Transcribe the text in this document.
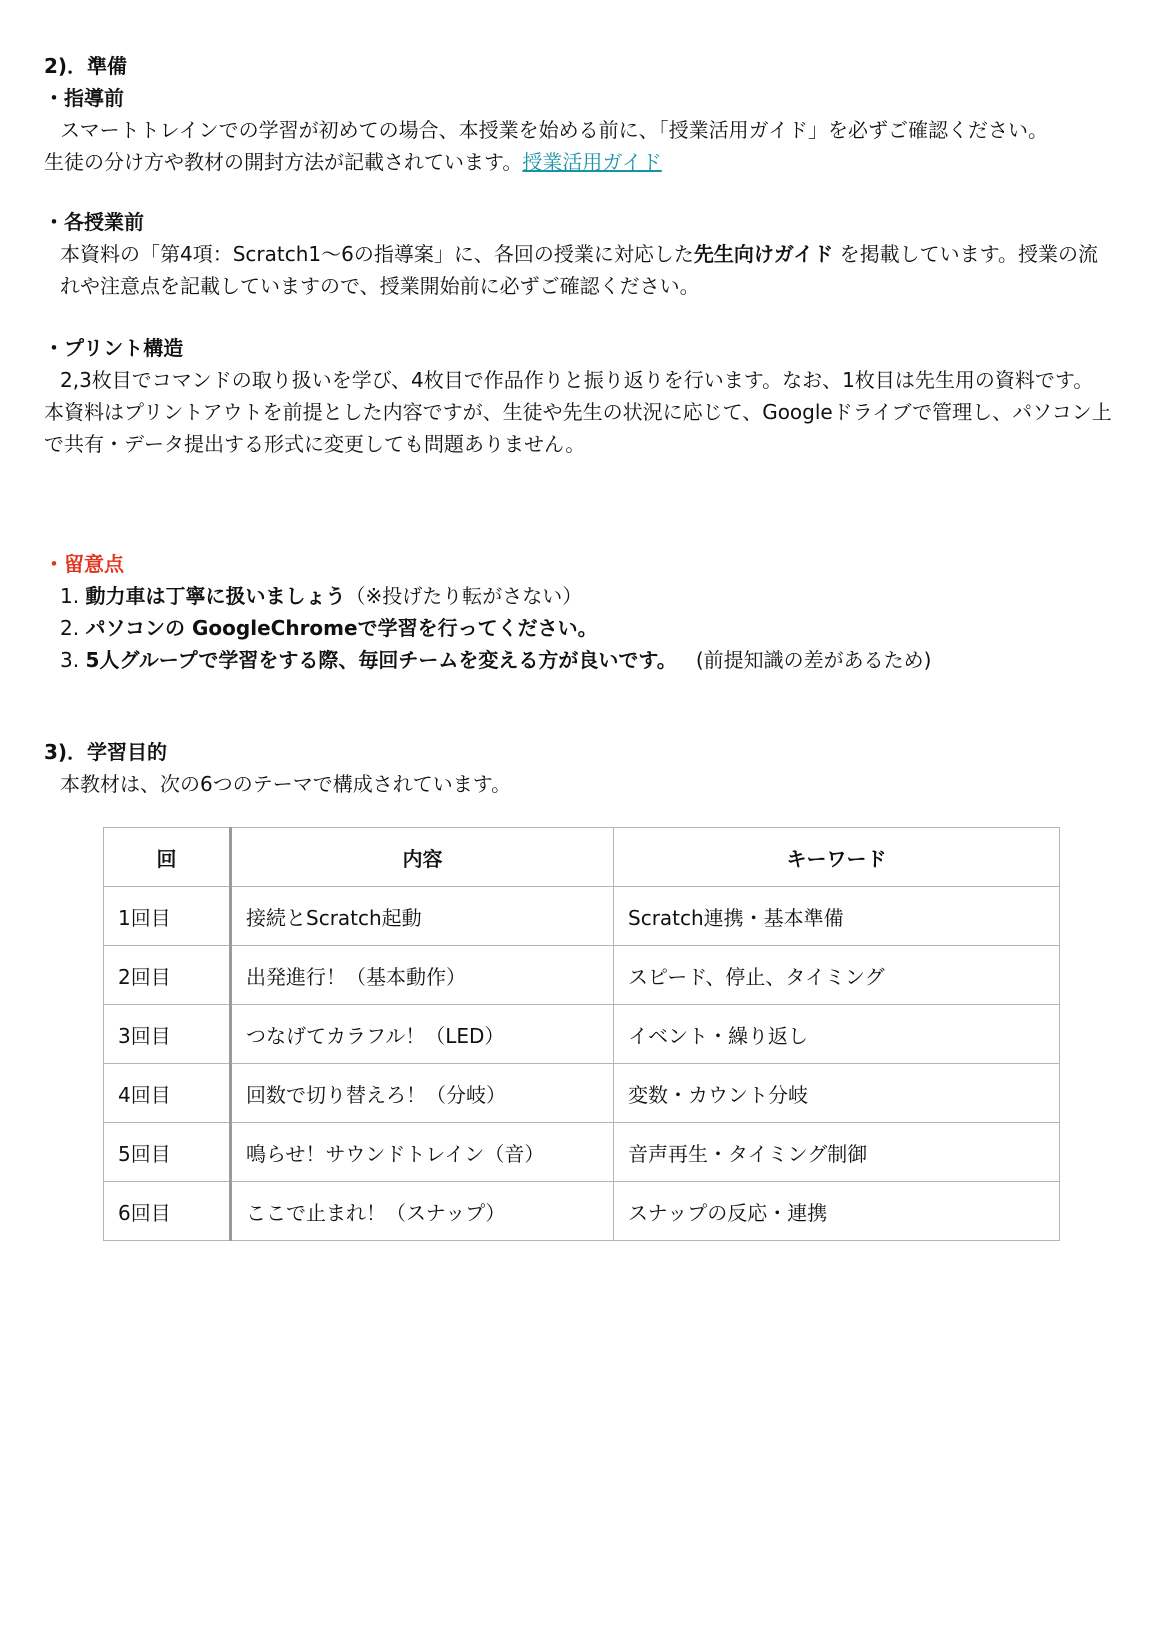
2)．準備
・指導前
スマートトレインでの学習が初めての場合、本授業を始める前に、「授業活用ガイド」を必ずご確認ください。
生徒の分け方や教材の開封方法が記載されています。授業活用ガイド
・各授業前
本資料の「第4項：Scratch1〜6の指導案」に、各回の授業に対応した先生向けガイド を掲載しています。授業の流れや注意点を記載していますので、授業開始前に必ずご確認ください。
・プリント構造
2,3枚目でコマンドの取り扱いを学び、4枚目で作品作りと振り返りを行います。なお、1枚目は先生用の資料です。
本資料はプリントアウトを前提とした内容ですが、生徒や先生の状況に応じて、Googleドライブで管理し、パソコン上で共有・データ提出する形式に変更しても問題ありません。
・留意点
1. 動力車は丁寧に扱いましょう（※投げたり転がさない）
2. パソコンの GoogleChromeで学習を行ってください。
3. 5人グループで学習をする際、毎回チームを変える方が良いです。 (前提知識の差があるため)
3)．学習目的
本教材は、次の6つのテーマで構成されています。
回	内容	キーワード
1回目	接続とScratch起動	Scratch連携・基本準備
2回目	出発進行！（基本動作）	スピード、停止、タイミング
3回目	つなげてカラフル！（LED）	イベント・繰り返し
4回目	回数で切り替えろ！（分岐）	変数・カウント分岐
5回目	鳴らせ！サウンドトレイン（音）	音声再生・タイミング制御
6回目	ここで止まれ！（スナップ）	スナップの反応・連携
